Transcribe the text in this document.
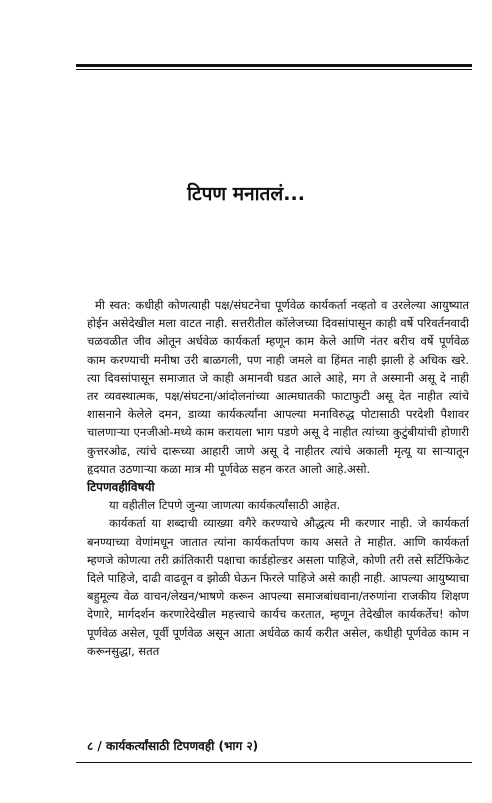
टिपण मनातलं...

मी स्वत: कधीही कोणत्याही पक्ष/संघटनेचा पूर्णवेळ कार्यकर्ता नव्हतो व उरलेल्या आयुष्यात होईन असेदेखील मला वाटत नाही. सत्तरीतील कॉलेजच्या दिवसांपासून काही वर्षे परिवर्तनवादी चळवळीत जीव ओतून अर्धवेळ कार्यकर्ता म्हणून काम केले आणि नंतर बरीच वर्षे पूर्णवेळ काम करण्याची मनीषा उरी बाळगली, पण नाही जमले वा हिंमत नाही झाली हे अधिक खरे. त्या दिवसांपासून समाजात जे काही अमानवी घडत आले आहे, मग ते अस्मानी असू दे नाही तर व्यवस्थात्मक, पक्ष/संघटना/आंदोलनांच्या आत्मघातकी फाटाफुटी असू देत नाहीत त्यांचे शासनाने केलेले दमन, डाव्या कार्यकर्त्यांना आपल्या मनाविरुद्ध पोटासाठी परदेशी पैशावर चालणाऱ्या एनजीओ-मध्ये काम करायला भाग पडणे असू दे नाहीत त्यांच्या कुटुंबीयांची होणारी कुत्तरओढ, त्यांचे दारूच्या आहारी जाणे असू दे नाहीतर त्यांचे अकाली मृत्यू या साऱ्यातून हृदयात उठणाऱ्या कळा मात्र मी पूर्णवेळ सहन करत आलो आहे.असो.

टिपणवहीविषयी

या वहीतील टिपणे जुन्या जाणत्या कार्यकर्त्यांसाठी आहेत.

कार्यकर्ता या शब्दाची व्याख्या वगैरे करण्याचे औद्धत्य मी करणार नाही. जे कार्यकर्ता बनण्याच्या वेणांमधून जातात त्यांना कार्यकर्तापण काय असते ते माहीत. आणि कार्यकर्ता म्हणजे कोणत्या तरी क्रांतिकारी पक्षाचा कार्डहोल्डर असला पाहिजे, कोणी तरी तसे सर्टिफिकेट दिले पाहिजे, दाढी वाढवून व झोळी घेऊन फिरले पाहिजे असे काही नाही. आपल्या आयुष्याचा बहुमूल्य वेळ वाचन/लेखन/भाषणे करून आपल्या समाजबांधवाना/तरुणांना राजकीय शिक्षण देणारे, मार्गदर्शन करणारेदेखील महत्त्वाचे कार्यच करतात, म्हणून तेदेखील कार्यकर्तेच! कोण पूर्णवेळ असेल, पूर्वी पूर्णवेळ असून आता अर्धवेळ कार्य करीत असेल, कधीही पूर्णवेळ काम न करूनसुद्धा, सतत

८ / कार्यकर्त्यांसाठी टिपणवही (भाग २)
